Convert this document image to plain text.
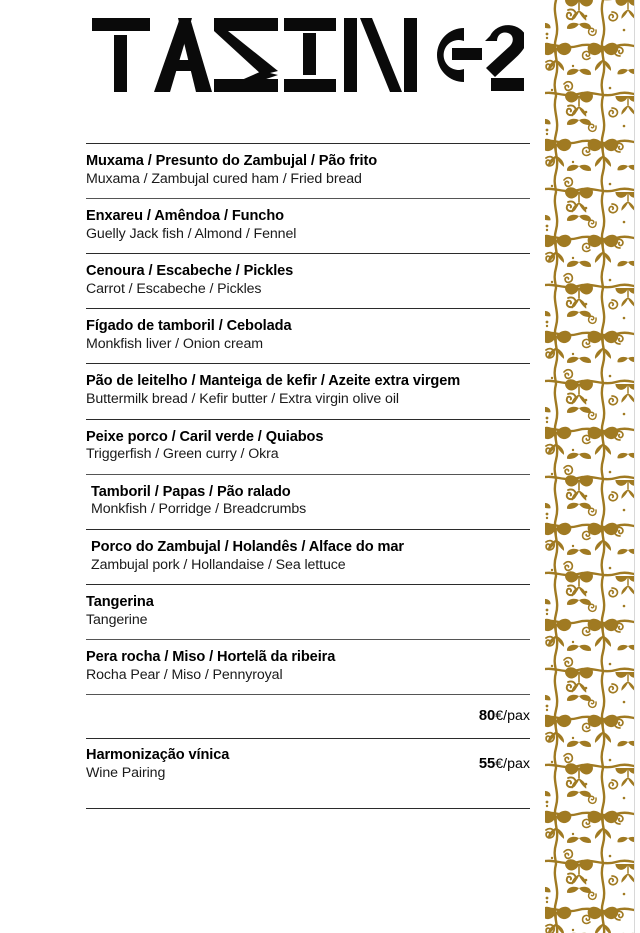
Muxama / Presunto do Zambujal / Pão frito
Muxama / Zambujal cured ham / Fried bread
Enxareu / Amêndoa / Funcho
Guelly Jack fish / Almond / Fennel
Cenoura / Escabeche / Pickles
Carrot / Escabeche / Pickles
Fígado de tamboril / Cebolada
Monkfish liver / Onion cream
Pão de leitelho / Manteiga de kefir / Azeite extra virgem
Buttermilk bread / Kefir butter / Extra virgin olive oil
Peixe porco / Caril verde / Quiabos
Triggerfish / Green curry / Okra
Tamboril / Papas / Pão ralado
Monkfish / Porridge / Breadcrumbs
Porco do Zambujal / Holandês / Alface do mar
Zambujal pork / Hollandaise / Sea lettuce
Tangerina
Tangerine
Pera rocha / Miso / Hortelã da ribeira
Rocha Pear / Miso / Pennyroyal
80€/pax
Harmonização vínica
Wine Pairing
55€/pax
